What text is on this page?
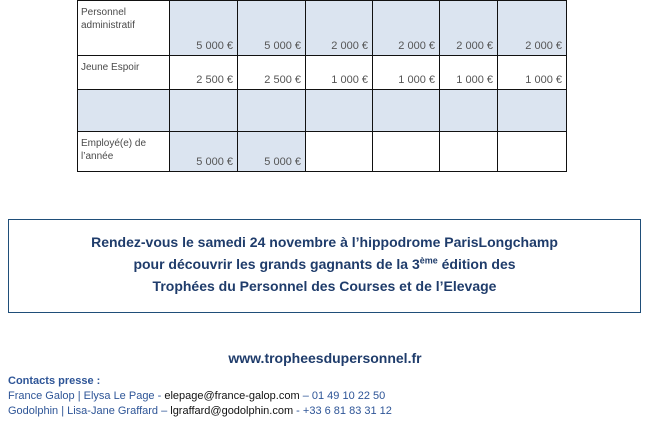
Personnel administratif	5 000 €	5 000 €	2 000 €	2 000 €	2 000 €	2 000 €
Jeune Espoir	2 500 €	2 500 €	1 000 €	1 000 €	1 000 €	1 000 €

Employé(e) de l’année	5 000 €	5 000 €				
Rendez-vous le samedi 24 novembre à l’hippodrome ParisLongchamp
pour découvrir les grands gagnants de la 3ème édition des
Trophées du Personnel des Courses et de l’Elevage
www.tropheesdupersonnel.fr
Contacts presse :
France Galop | Elysa Le Page - elepage@france-galop.com – 01 49 10 22 50
Godolphin | Lisa-Jane Graffard – lgraffard@godolphin.com - +33 6 81 83 31 12
